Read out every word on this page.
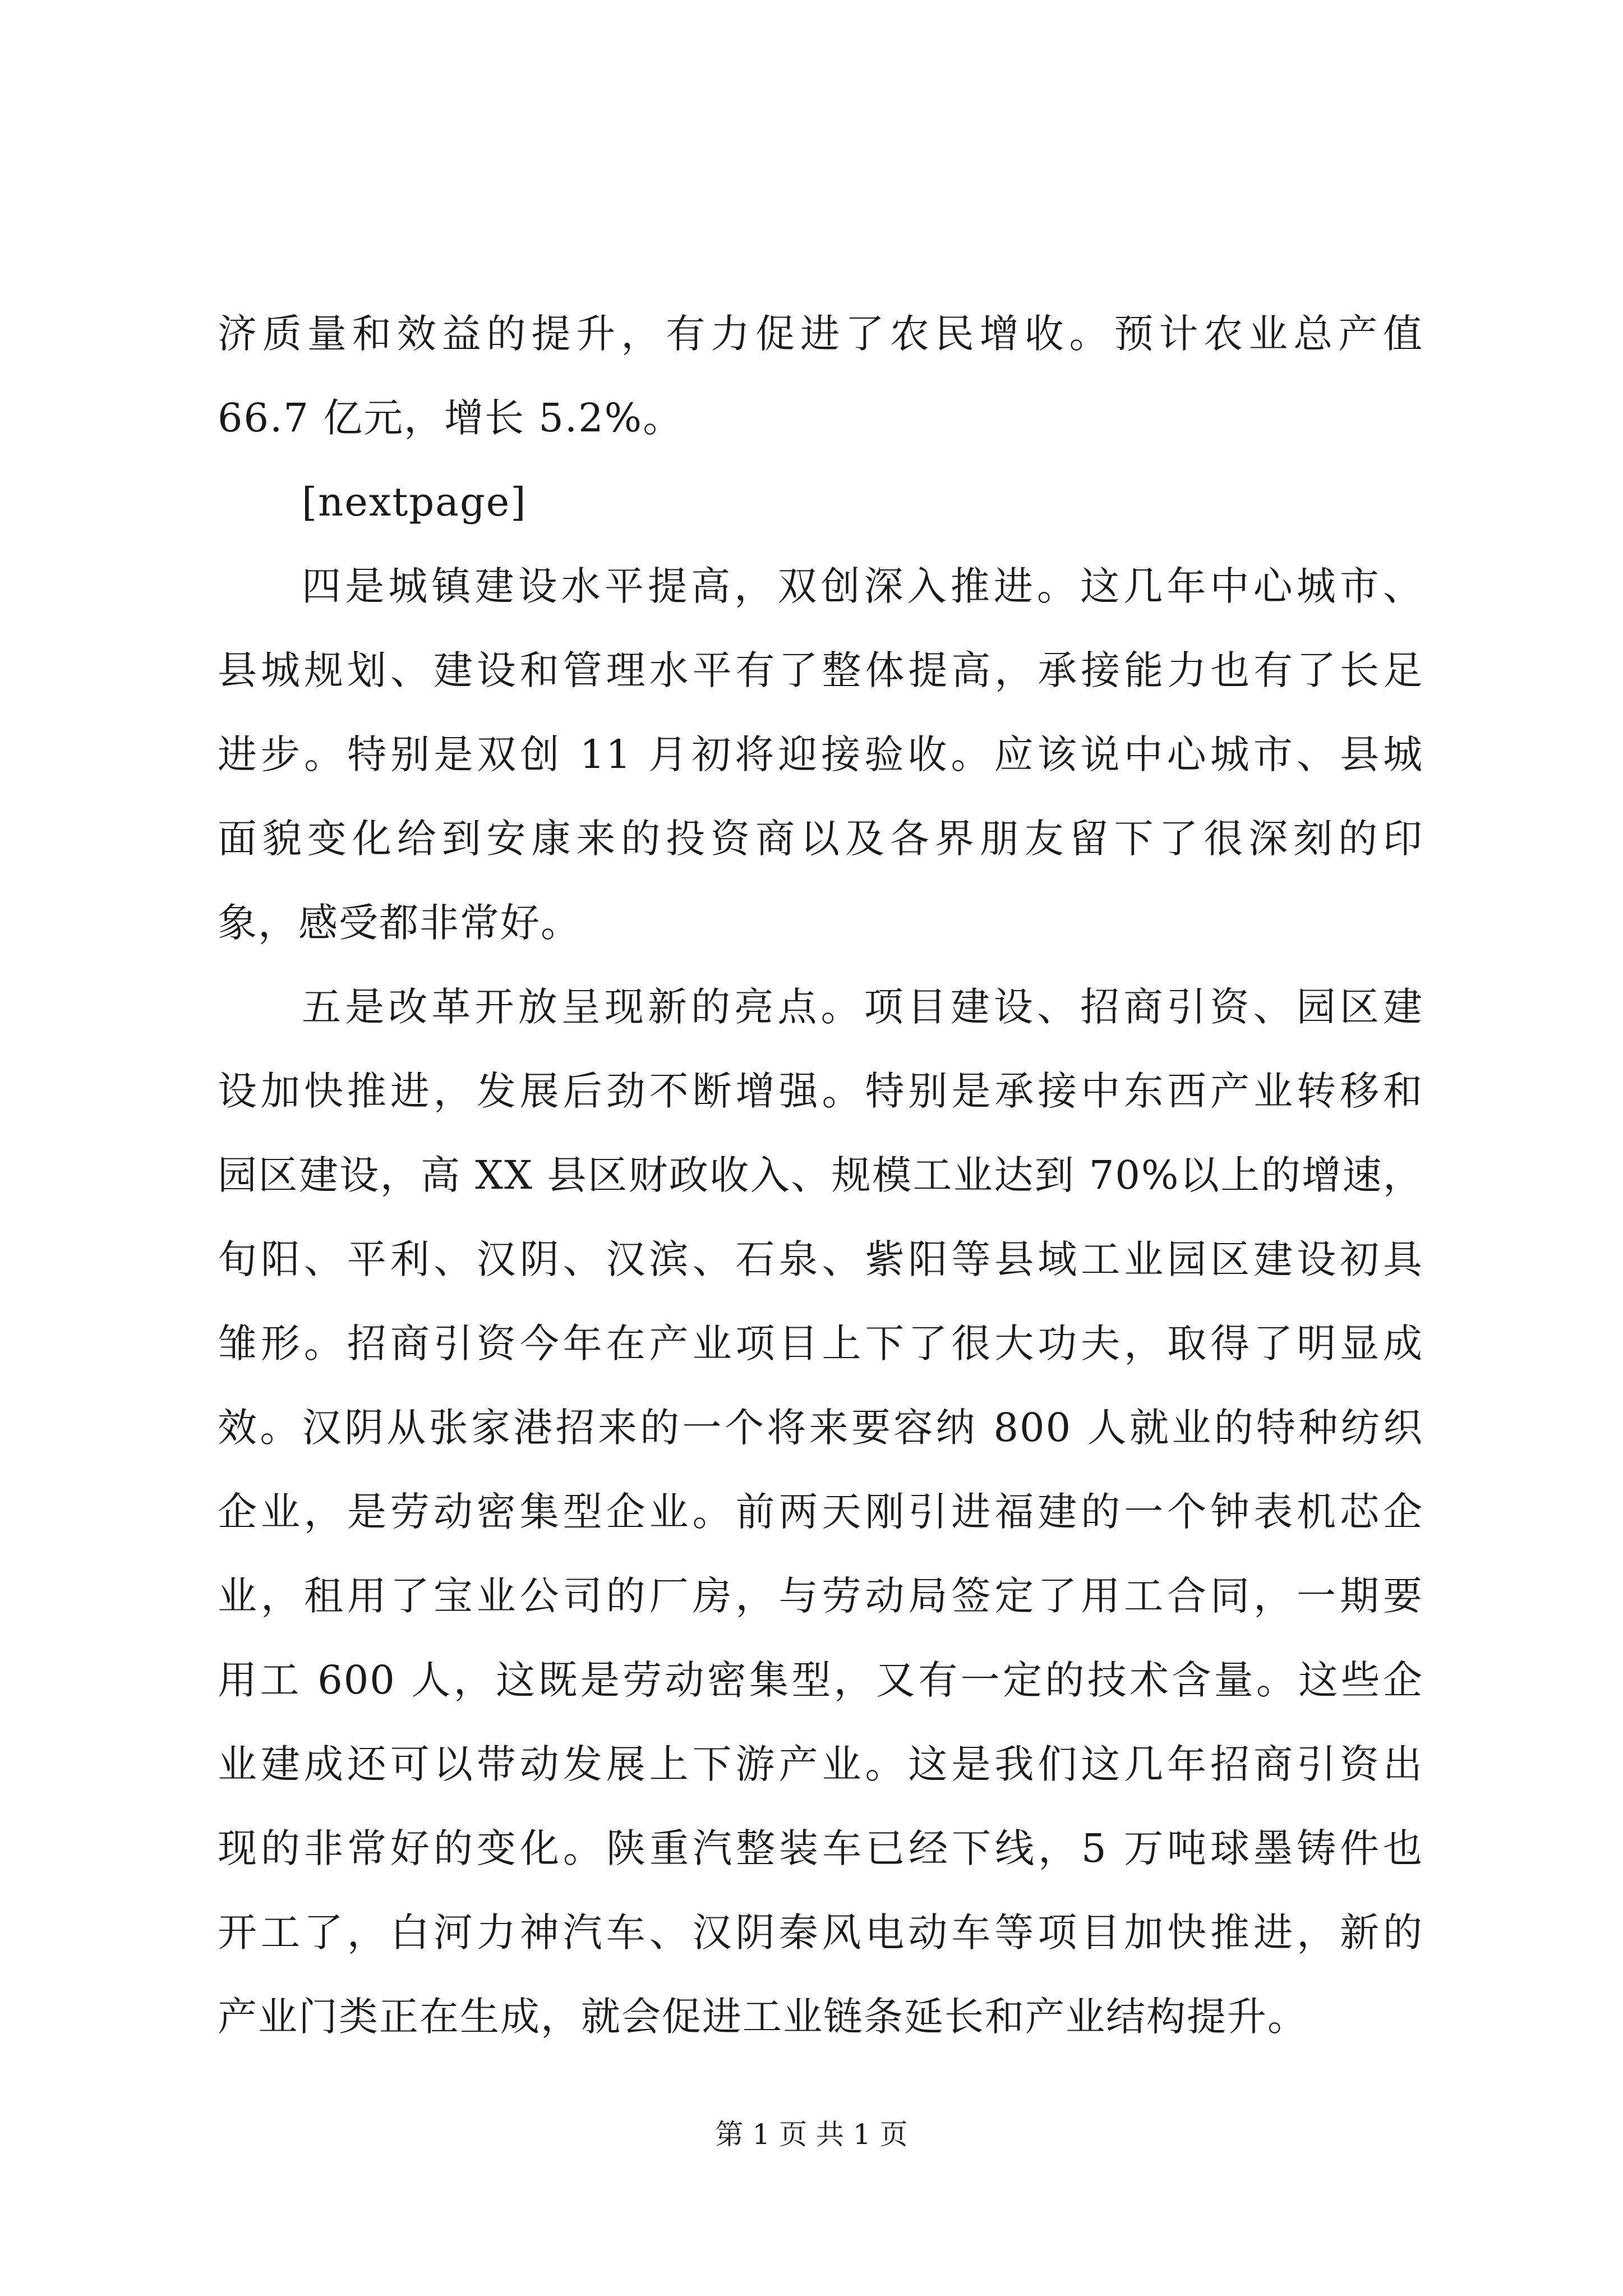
济质量和效益的提升，有力促进了农民增收。预计农业总产值
66.7 亿元，增长 5.2%。
[nextpage]
四是城镇建设水平提高，双创深入推进。这几年中心城市、
县城规划、建设和管理水平有了整体提高，承接能力也有了长足
进步。特别是双创 11 月初将迎接验收。应该说中心城市、县城
面貌变化给到安康来的投资商以及各界朋友留下了很深刻的印
象，感受都非常好。
五是改革开放呈现新的亮点。项目建设、招商引资、园区建
设加快推进，发展后劲不断增强。特别是承接中东西产业转移和
园区建设，高 XX 县区财政收入、规模工业达到 70%以上的增速，
旬阳、平利、汉阴、汉滨、石泉、紫阳等县域工业园区建设初具
雏形。招商引资今年在产业项目上下了很大功夫，取得了明显成
效。汉阴从张家港招来的一个将来要容纳 800 人就业的特种纺织
企业，是劳动密集型企业。前两天刚引进福建的一个钟表机芯企
业，租用了宝业公司的厂房，与劳动局签定了用工合同，一期要
用工 600 人，这既是劳动密集型，又有一定的技术含量。这些企
业建成还可以带动发展上下游产业。这是我们这几年招商引资出
现的非常好的变化。陕重汽整装车已经下线，5 万吨球墨铸件也
开工了，白河力神汽车、汉阴秦风电动车等项目加快推进，新的
产业门类正在生成，就会促进工业链条延长和产业结构提升。
第 1 页 共 1 页
